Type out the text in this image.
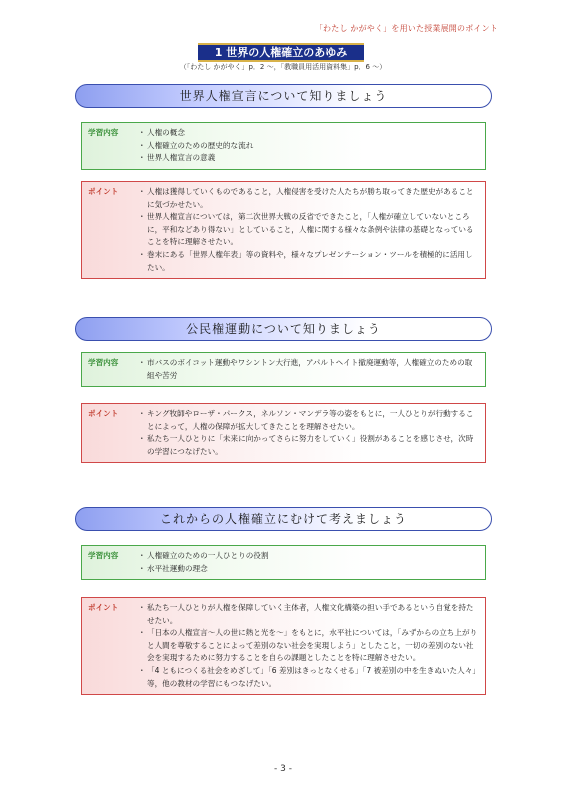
「わたし かがやく」を用いた授業展開のポイント
1 世界の人権確立のあゆみ
（「わたし かがやく」p．2 〜，「教職員用活用資料集」p．6 〜）
世界人権宣言について知りましょう
学習内容	・ 人権の概念
・ 人権確立のための歴史的な流れ
・ 世界人権宣言の意義
ポイント	・ 人権は獲得していくものであること，人権侵害を受けた人たちが勝ち取ってきた歴史があることに気づかせたい。
・ 世界人権宣言については，第二次世界大戦の反省でできたこと，「人権が確立していないところに，平和などあり得ない」としていること，人権に関する様々な条例や法律の基礎となっていることを特に理解させたい。
・ 巻末にある「世界人権年表」等の資料や，様々なプレゼンテーション・ツールを積極的に活用したい。
公民権運動について知りましょう
学習内容	・ 市バスのボイコット運動やワシントン大行進，アパルトヘイト撤廃運動等，人権確立のための取組や苦労
ポイント	・ キング牧師やローザ・パークス，ネルソン・マンデラ等の姿をもとに，一人ひとりが行動することによって，人権の保障が拡大してきたことを理解させたい。
・ 私たち一人ひとりに「未来に向かってさらに努力をしていく」役割があることを感じさせ，次時の学習につなげたい。
これからの人権確立にむけて考えましょう
学習内容	・ 人権確立のための一人ひとりの役割
・ 水平社運動の理念
ポイント	・ 私たち一人ひとりが人権を保障していく主体者，人権文化構築の担い手であるという自覚を持たせたい。
・ 「日本の人権宣言〜人の世に熱と光を〜」をもとに，水平社については，「みずからの立ち上がりと人間を尊敬することによって差別のない社会を実現しよう」としたこと，一切の差別のない社会を実現するために努力することを自らの課題としたことを特に理解させたい。
・ 「4 ともにつくる社会をめざして」「6 差別はきっとなくせる」「7 被差別の中を生きぬいた人々」等，他の教材の学習にもつなげたい。
- 3 -
